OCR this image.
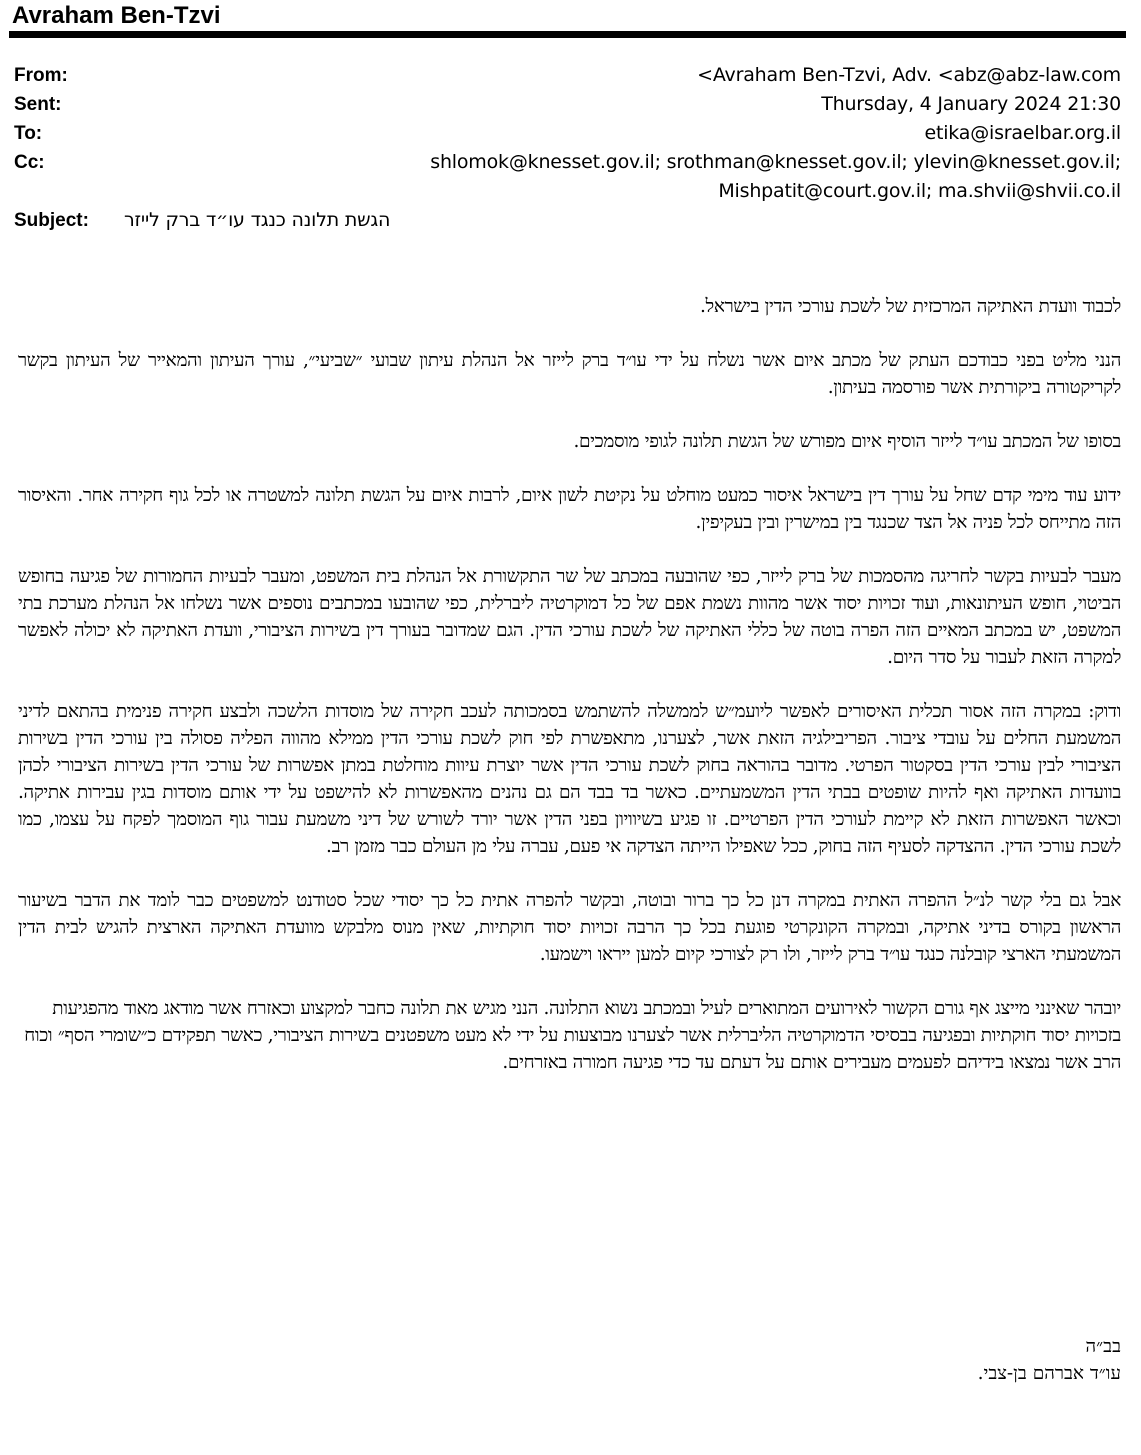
Avraham Ben-Tzvi
From:	<Avraham Ben-Tzvi, Adv. <abz@abz-law.com
Sent:	Thursday, 4 January 2024 21:30
To:	etika@israelbar.org.il
Cc:	shlomok@knesset.gov.il; srothman@knesset.gov.il; ylevin@knesset.gov.il;
Mishpatit@court.gov.il; ma.shvii@shvii.co.il
Subject: הגשת תלונה כנגד עו״ד ברק לייזר

לכבוד וועדת האתיקה המרכזית של לשכת עורכי הדין בישראל.

הנני מליט בפני כבודכם העתק של מכתב איום אשר נשלח על ידי עו״ד ברק לייזר אל הנהלת עיתון שבועי ״שביעי״, עורך העיתון והמאייר של העיתון בקשר לקריקטורה ביקורתית אשר פורסמה בעיתון.

בסופו של המכתב עו״ד לייזר הוסיף איום מפורש של הגשת תלונה לגופי מוסמכים.

ידוע עוד מימי קדם שחל על עורך דין בישראל איסור כמעט מוחלט על נקיטת לשון איום, לרבות איום על הגשת תלונה למשטרה או לכל גוף חקירה אחר. והאיסור הזה מתייחס לכל פניה אל הצד שכנגד בין במישרין ובין בעקיפין.

מעבר לבעיות בקשר לחריגה מהסמכות של ברק לייזר, כפי שהובעה במכתב של שר התקשורת אל הנהלת בית המשפט, ומעבר לבעיות החמורות של פגיעה בחופש הביטוי, חופש העיתונאות, ועוד זכויות יסוד אשר מהוות נשמת אפם של כל דמוקרטיה ליברלית, כפי שהובעו במכתבים נוספים אשר נשלחו אל הנהלת מערכת בתי המשפט, יש במכתב המאיים הזה הפרה בוטה של כללי האתיקה של לשכת עורכי הדין. הגם שמדובר בעורך דין בשירות הציבורי, וועדת האתיקה לא יכולה לאפשר למקרה הזאת לעבור על סדר היום.

ודוק: במקרה הזה אסור תכלית האיסורים לאפשר ליועמ״ש לממשלה להשתמש בסמכותה לעכב חקירה של מוסדות הלשכה ולבצע חקירה פנימית בהתאם לדיני המשמעת החלים על עובדי ציבור. הפריבילגיה הזאת אשר, לצערנו, מתאפשרת לפי חוק לשכת עורכי הדין ממילא מהווה הפליה פסולה בין עורכי הדין בשירות הציבורי לבין עורכי הדין בסקטור הפרטי. מדובר בהוראה בחוק לשכת עורכי הדין אשר יוצרת עיוות מוחלטת במתן אפשרות של עורכי הדין בשירות הציבורי לכהן בוועדות האתיקה ואף להיות שופטים בבתי הדין המשמעתיים. כאשר בד בבד הם גם נהנים מהאפשרות לא להישפט על ידי אותם מוסדות בגין עבירות אתיקה. וכאשר האפשרות הזאת לא קיימת לעורכי הדין הפרטיים. זו פגיע בשיוויון בפני הדין אשר יורד לשורש של דיני משמעת עבור גוף המוסמך לפקח על עצמו, כמו לשכת עורכי הדין. ההצדקה לסעיף הזה בחוק, ככל שאפילו הייתה הצדקה אי פעם, עברה עלי מן העולם כבר מזמן רב.

אבל גם בלי קשר לנ״ל ההפרה האתית במקרה דנן כל כך ברור ובוטה, ובקשר להפרה אתית כל כך יסודי שכל סטודנט למשפטים כבר לומד את הדבר בשיעור הראשון בקורס בדיני אתיקה, ובמקרה הקונקרטי פוגעת בכל כך הרבה זכויות יסוד חוקתיות, שאין מנוס מלבקש מוועדת האתיקה הארצית להגיש לבית הדין המשמעתי הארצי קובלנה כנגד עו״ד ברק לייזר, ולו רק לצורכי קיום למען ייראו וישמעו.

יובהר שאינני מייצג אף גורם הקשור לאירועים המתוארים לעיל ובמכתב נשוא התלונה. הנני מגיש את תלונה כחבר למקצוע וכאזרח אשר מודאג מאוד מהפגיעות בזכויות יסוד חוקתיות ובפגיעה בבסיסי הדמוקרטיה הליברלית אשר לצערנו מבוצעות על ידי לא מעט משפטנים בשירות הציבורי, כאשר תפקידם כ״שומרי הסף״ וכוח הרב אשר נמצאו בידיהם לפעמים מעבירים אותם על דעתם עד כדי פגיעה חמורה באזרחים.

בב״ה
עו״ד אברהם בן-צבי.
